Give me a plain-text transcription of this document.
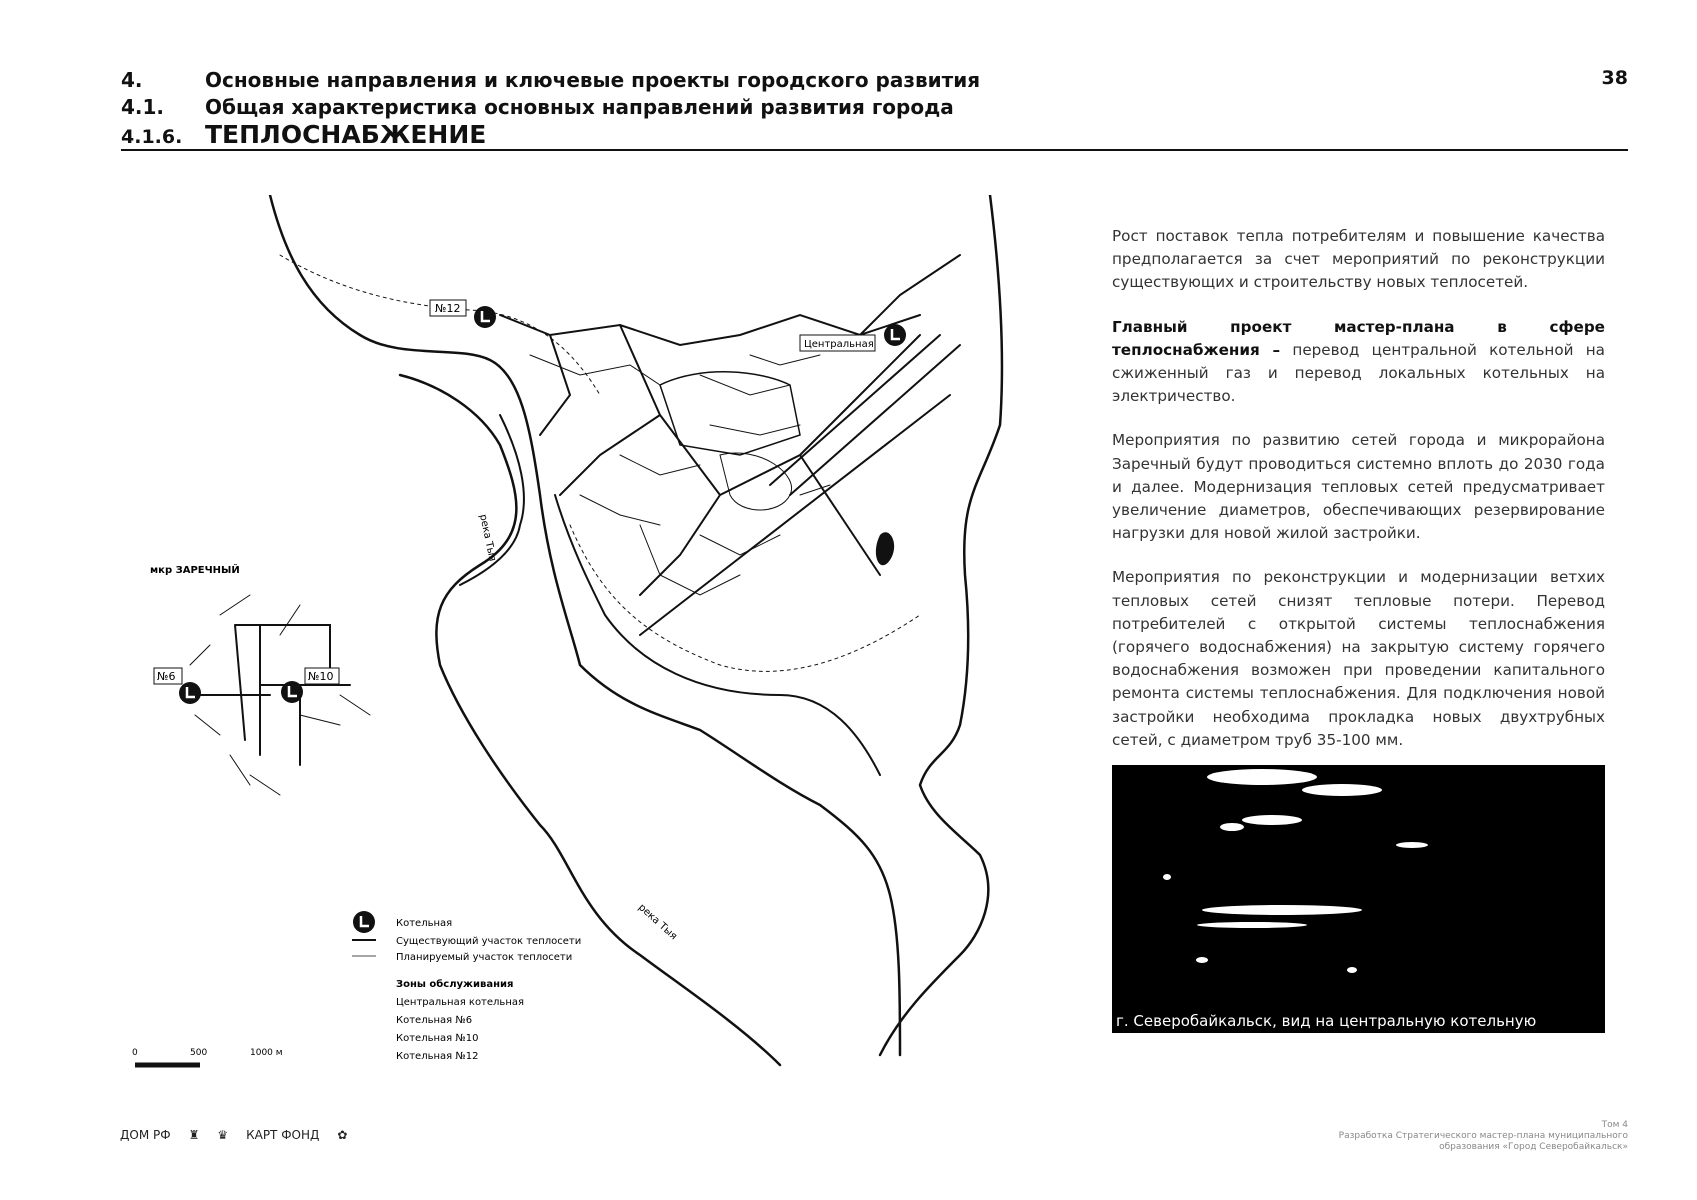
4.	Основные направления и ключевые проекты городского развития
4.1. Общая характеристика основных направлений развития города
4.1.6. ТЕПЛОСНАБЖЕНИЕ
38
№12
Центральная
№6	№10
мкр ЗАРЕЧНЫЙ
река Тыя
река Тыя
Котельная
Существующий участок теплосети
Планируемый участок теплосети
Зоны обслуживания
Центральная котельная
Котельная №6
Котельная №10
Котельная №12
0	500	1000 м

Рост поставок тепла потребителям и повышение качества предполагается за счет мероприятий по реконструкции существующих и строительству новых теплосетей.

Главный проект мастер-плана в сфере теплоснабжения – перевод центральной котельной на сжиженный газ и перевод локальных котельных на электричество.

Мероприятия по развитию сетей города и микрорайона Заречный будут проводиться системно вплоть до 2030 года и далее. Модернизация тепловых сетей предусматривает увеличение диаметров, обеспечивающих резервирование нагрузки для новой жилой застройки.

Мероприятия по реконструкции и модернизации ветхих тепловых сетей снизят тепловые потери. Перевод потребителей с открытой системы теплоснабжения (горячего водоснабжения) на закрытую систему горячего водоснабжения возможен при проведении капитального ремонта системы теплоснабжения. Для подключения новой застройки необходима прокладка новых двухтрубных сетей, с диаметром труб 35-100 мм.

г. Северобайкальск, вид на центральную котельную
ДОМ РФ ♜ ♛ КАРТ ФОНД ✿
Том 4
Разработка Стратегического мастер-плана муниципального
образования «Город Северобайкальск»
